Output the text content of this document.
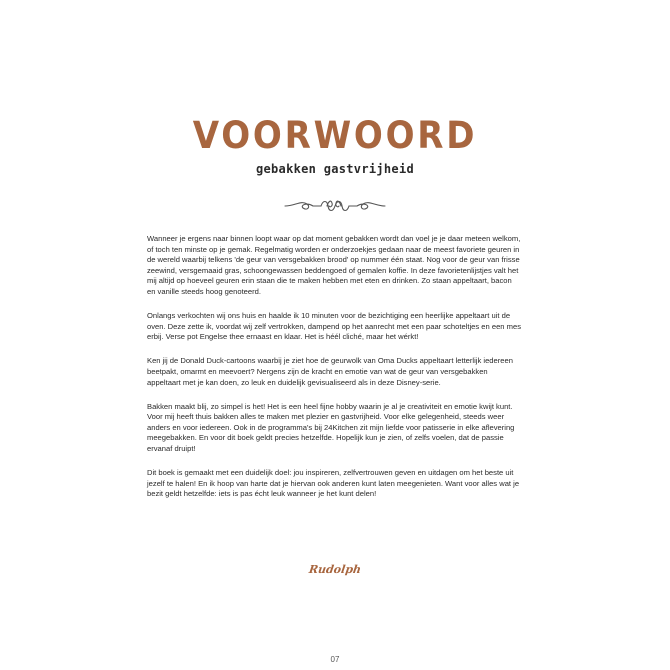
VOORWOORD
gebakken gastvrijheid

Wanneer je ergens naar binnen loopt waar op dat moment gebakken wordt dan voel je je daar meteen welkom, of toch ten minste op je gemak. Regelmatig worden er onderzoekjes gedaan naar de meest favoriete geuren in de wereld waarbij telkens 'de geur van versgebakken brood' op nummer één staat. Nog voor de geur van frisse zeewind, versgemaaid gras, schoongewassen beddengoed of gemalen koffie. In deze favorietenlijstjes valt het mij altijd op hoeveel geuren erin staan die te maken hebben met eten en drinken. Zo staan appeltaart, bacon en vanille steeds hoog genoteerd.

Onlangs verkochten wij ons huis en haalde ik 10 minuten voor de bezichtiging een heerlijke appeltaart uit de oven. Deze zette ik, voordat wij zelf vertrokken, dampend op het aanrecht met een paar schoteltjes en een mes erbij. Verse pot Engelse thee ernaast en klaar. Het is héél cliché, maar het wérkt!

Ken jij de Donald Duck-cartoons waarbij je ziet hoe de geurwolk van Oma Ducks appeltaart letterlijk iedereen beetpakt, omarmt en meevoert? Nergens zijn de kracht en emotie van wat de geur van versgebakken appeltaart met je kan doen, zo leuk en duidelijk gevisualiseerd als in deze Disney-serie.

Bakken maakt blij, zo simpel is het! Het is een heel fijne hobby waarin je al je creativiteit en emotie kwijt kunt. Voor mij heeft thuis bakken alles te maken met plezier en gastvrijheid. Voor elke gelegenheid, steeds weer anders en voor iedereen. Ook in de programma's bij 24Kitchen zit mijn liefde voor patisserie in elke aflevering meegebakken. En voor dit boek geldt precies hetzelfde. Hopelijk kun je zien, of zelfs voelen, dat de passie ervanaf druipt!

Dit boek is gemaakt met een duidelijk doel: jou inspireren, zelfvertrouwen geven en uitdagen om het beste uit jezelf te halen! En ik hoop van harte dat je hiervan ook anderen kunt laten meegenieten. Want voor alles wat je bezit geldt hetzelfde: iets is pas écht leuk wanneer je het kunt delen!

Rudolph
07
